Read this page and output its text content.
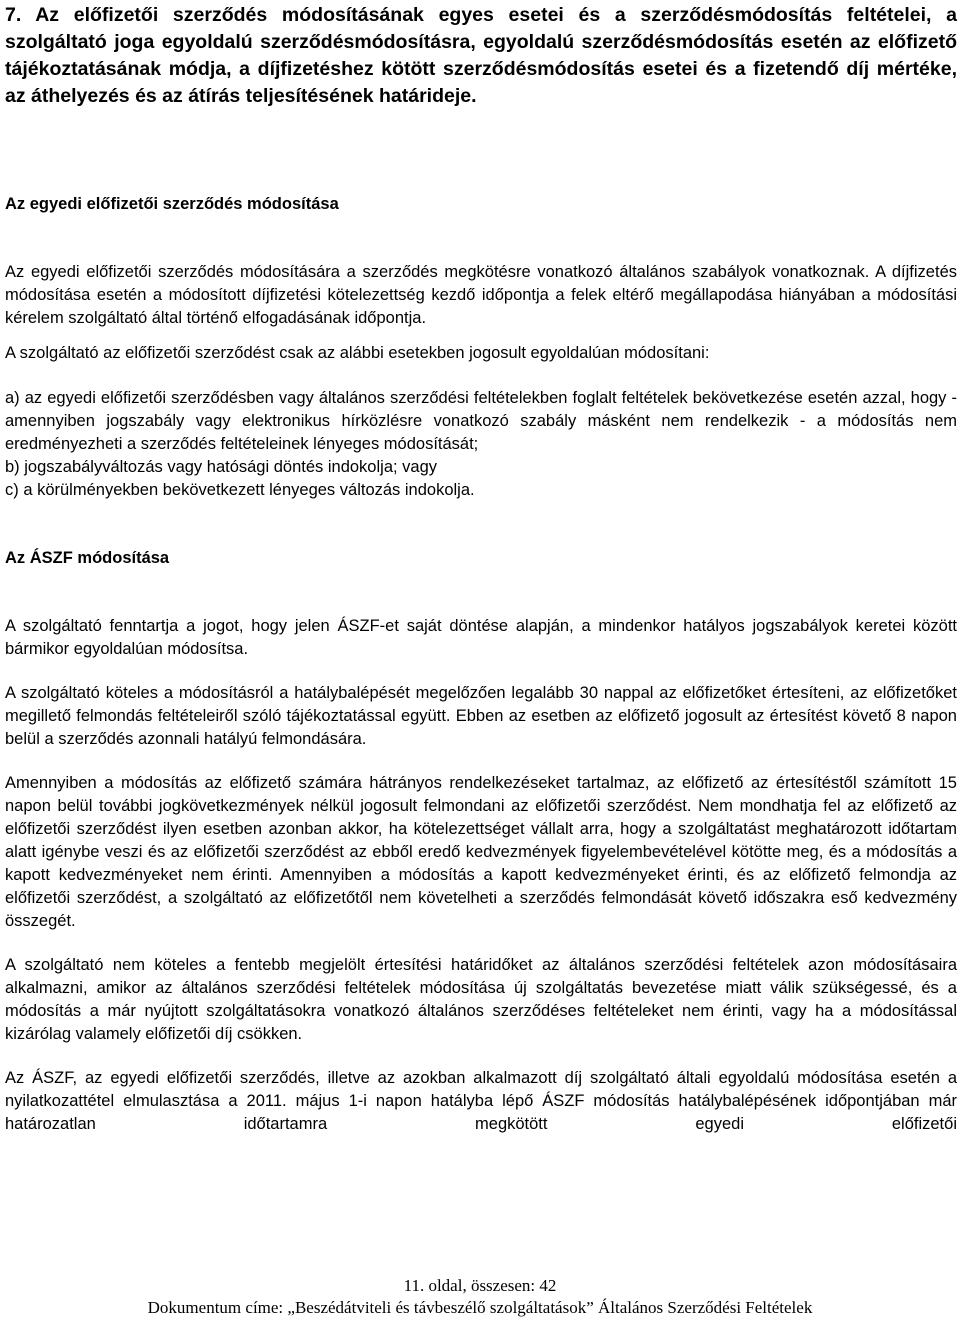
7. Az előfizetői szerződés módosításának egyes esetei és a szerződésmódosítás feltételei, a szolgáltató joga egyoldalú szerződésmódosításra, egyoldalú szerződésmódosítás esetén az előfizető tájékoztatásának módja, a díjfizetéshez kötött szerződésmódosítás esetei és a fizetendő díj mértéke, az áthelyezés és az átírás teljesítésének határideje.

Az egyedi előfizetői szerződés módosítása

Az egyedi előfizetői szerződés módosítására a szerződés megkötésre vonatkozó általános szabályok vonatkoznak. A díjfizetés módosítása esetén a módosított díjfizetési kötelezettség kezdő időpontja a felek eltérő megállapodása hiányában a módosítási kérelem szolgáltató által történő elfogadásának időpontja.

A szolgáltató az előfizetői szerződést csak az alábbi esetekben jogosult egyoldalúan módosítani:

a) az egyedi előfizetői szerződésben vagy általános szerződési feltételekben foglalt feltételek bekövetkezése esetén azzal, hogy - amennyiben jogszabály vagy elektronikus hírközlésre vonatkozó szabály másként nem rendelkezik - a módosítás nem eredményezheti a szerződés feltételeinek lényeges módosítását;

b) jogszabályváltozás vagy hatósági döntés indokolja; vagy

c) a körülményekben bekövetkezett lényeges változás indokolja.

Az ÁSZF módosítása

A szolgáltató fenntartja a jogot, hogy jelen ÁSZF-et saját döntése alapján, a mindenkor hatályos jogszabályok keretei között bármikor egyoldalúan módosítsa.

A szolgáltató köteles a módosításról a hatálybalépését megelőzően legalább 30 nappal az előfizetőket értesíteni, az előfizetőket megillető felmondás feltételeiről szóló tájékoztatással együtt. Ebben az esetben az előfizető jogosult az értesítést követő 8 napon belül a szerződés azonnali hatályú felmondására.

Amennyiben a módosítás az előfizető számára hátrányos rendelkezéseket tartalmaz, az előfizető az értesítéstől számított 15 napon belül további jogkövetkezmények nélkül jogosult felmondani az előfizetői szerződést. Nem mondhatja fel az előfizető az előfizetői szerződést ilyen esetben azonban akkor, ha kötelezettséget vállalt arra, hogy a szolgáltatást meghatározott időtartam alatt igénybe veszi és az előfizetői szerződést az ebből eredő kedvezmények figyelembevételével kötötte meg, és a módosítás a kapott kedvezményeket nem érinti. Amennyiben a módosítás a kapott kedvezményeket érinti, és az előfizető felmondja az előfizetői szerződést, a szolgáltató az előfizetőtől nem követelheti a szerződés felmondását követő időszakra eső kedvezmény összegét.

A szolgáltató nem köteles a fentebb megjelölt értesítési határidőket az általános szerződési feltételek azon módosításaira alkalmazni, amikor az általános szerződési feltételek módosítása új szolgáltatás bevezetése miatt válik szükségessé, és a módosítás a már nyújtott szolgáltatásokra vonatkozó általános szerződéses feltételeket nem érinti, vagy ha a módosítással kizárólag valamely előfizetői díj csökken.

Az ÁSZF, az egyedi előfizetői szerződés, illetve az azokban alkalmazott díj szolgáltató általi egyoldalú módosítása esetén a nyilatkozattétel elmulasztása a 2011. május 1-i napon hatályba lépő ÁSZF módosítás hatálybalépésének időpontjában már határozatlan időtartamra megkötött egyedi előfizetői

11. oldal, összesen: 42
Dokumentum címe: „Beszédátviteli és távbeszélő szolgáltatások” Általános Szerződési Feltételek
